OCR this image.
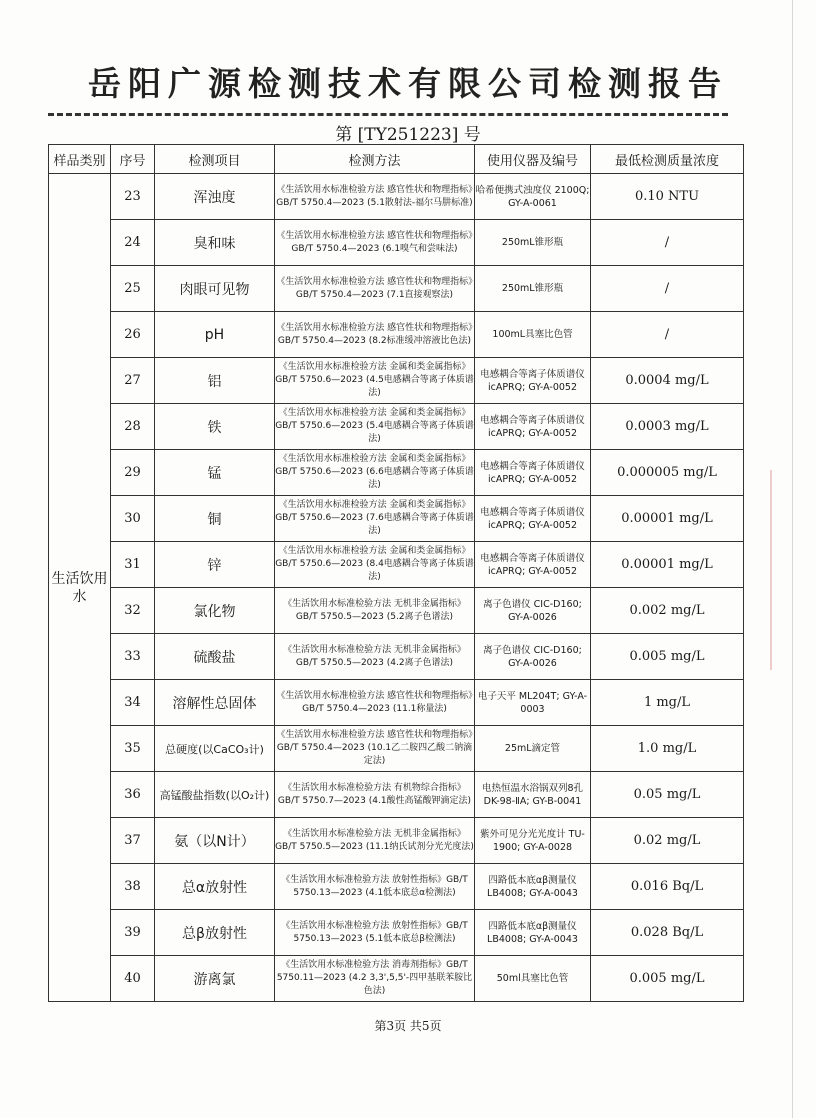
岳阳广源检测技术有限公司检测报告
第 [TY251223] 号
样品类别	序号	检测项目	检测方法	使用仪器及编号	最低检测质量浓度
生活饮用水	23	浑浊度	《生活饮用水标准检验方法 感官性状和物理指标》GB/T 5750.4—2023 (5.1散射法-福尔马肼标准)	哈希便携式浊度仪 2100Q; GY-A-0061	0.10 NTU
	24	臭和味	《生活饮用水标准检验方法 感官性状和物理指标》GB/T 5750.4—2023 (6.1嗅气和尝味法)	250mL锥形瓶	/
	25	肉眼可见物	《生活饮用水标准检验方法 感官性状和物理指标》GB/T 5750.4—2023 (7.1直接观察法)	250mL锥形瓶	/
	26	pH	《生活饮用水标准检验方法 感官性状和物理指标》GB/T 5750.4—2023 (8.2标准缓冲溶液比色法)	100mL具塞比色管	/
	27	铝	《生活饮用水标准检验方法 金属和类金属指标》GB/T 5750.6—2023 (4.5电感耦合等离子体质谱法)	电感耦合等离子体质谱仪icAPRQ; GY-A-0052	0.0004 mg/L
	28	铁	《生活饮用水标准检验方法 金属和类金属指标》GB/T 5750.6—2023 (5.4电感耦合等离子体质谱法)	电感耦合等离子体质谱仪icAPRQ; GY-A-0052	0.0003 mg/L
	29	锰	《生活饮用水标准检验方法 金属和类金属指标》GB/T 5750.6—2023 (6.6电感耦合等离子体质谱法)	电感耦合等离子体质谱仪icAPRQ; GY-A-0052	0.000005 mg/L
	30	铜	《生活饮用水标准检验方法 金属和类金属指标》GB/T 5750.6—2023 (7.6电感耦合等离子体质谱法)	电感耦合等离子体质谱仪icAPRQ; GY-A-0052	0.00001 mg/L
	31	锌	《生活饮用水标准检验方法 金属和类金属指标》GB/T 5750.6—2023 (8.4电感耦合等离子体质谱法)	电感耦合等离子体质谱仪icAPRQ; GY-A-0052	0.00001 mg/L
	32	氯化物	《生活饮用水标准检验方法 无机非金属指标》GB/T 5750.5—2023 (5.2离子色谱法)	离子色谱仪 CIC-D160; GY-A-0026	0.002 mg/L
	33	硫酸盐	《生活饮用水标准检验方法 无机非金属指标》GB/T 5750.5—2023 (4.2离子色谱法)	离子色谱仪 CIC-D160; GY-A-0026	0.005 mg/L
	34	溶解性总固体	《生活饮用水标准检验方法 感官性状和物理指标》GB/T 5750.4—2023 (11.1称量法)	电子天平 ML204T; GY-A-0003	1 mg/L
	35	总硬度(以CaCO₃计)	《生活饮用水标准检验方法 感官性状和物理指标》GB/T 5750.4—2023 (10.1乙二胺四乙酸二钠滴定法)	25mL滴定管	1.0 mg/L
	36	高锰酸盐指数(以O₂计)	《生活饮用水标准检验方法 有机物综合指标》GB/T 5750.7—2023 (4.1酸性高锰酸钾滴定法)	电热恒温水浴锅双列8孔 DK-98-ⅡA; GY-B-0041	0.05 mg/L
	37	氨（以N计）	《生活饮用水标准检验方法 无机非金属指标》GB/T 5750.5—2023 (11.1纳氏试剂分光光度法)	紫外可见分光光度计 TU-1900; GY-A-0028	0.02 mg/L
	38	总α放射性	《生活饮用水标准检验方法 放射性指标》GB/T 5750.13—2023 (4.1低本底总α检测法)	四路低本底αβ测量仪 LB4008; GY-A-0043	0.016 Bq/L
	39	总β放射性	《生活饮用水标准检验方法 放射性指标》GB/T 5750.13—2023 (5.1低本底总β检测法)	四路低本底αβ测量仪 LB4008; GY-A-0043	0.028 Bq/L
	40	游离氯	《生活饮用水标准检验方法 消毒剂指标》GB/T 5750.11—2023 (4.2 3,3',5,5'-四甲基联苯胺比色法)	50ml具塞比色管	0.005 mg/L
第3页 共5页
